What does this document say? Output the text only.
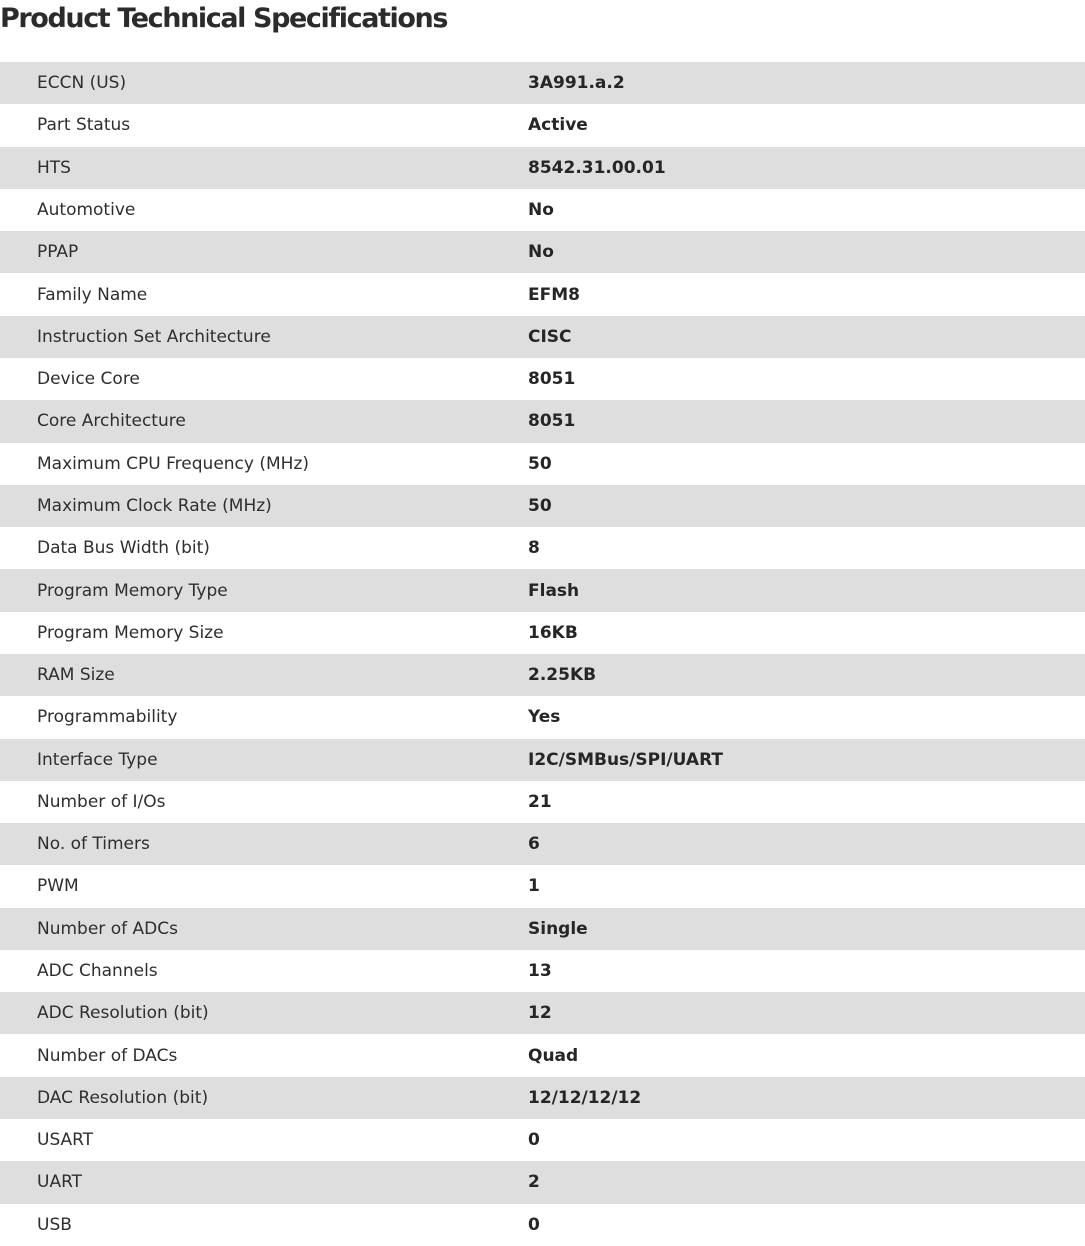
Product Technical Specifications
ECCN (US)	3A991.a.2
Part Status	Active
HTS	8542.31.00.01
Automotive	No
PPAP	No
Family Name	EFM8
Instruction Set Architecture	CISC
Device Core	8051
Core Architecture	8051
Maximum CPU Frequency (MHz)	50
Maximum Clock Rate (MHz)	50
Data Bus Width (bit)	8
Program Memory Type	Flash
Program Memory Size	16KB
RAM Size	2.25KB
Programmability	Yes
Interface Type	I2C/SMBus/SPI/UART
Number of I/Os	21
No. of Timers	6
PWM	1
Number of ADCs	Single
ADC Channels	13
ADC Resolution (bit)	12
Number of DACs	Quad
DAC Resolution (bit)	12/12/12/12
USART	0
UART	2
USB	0
